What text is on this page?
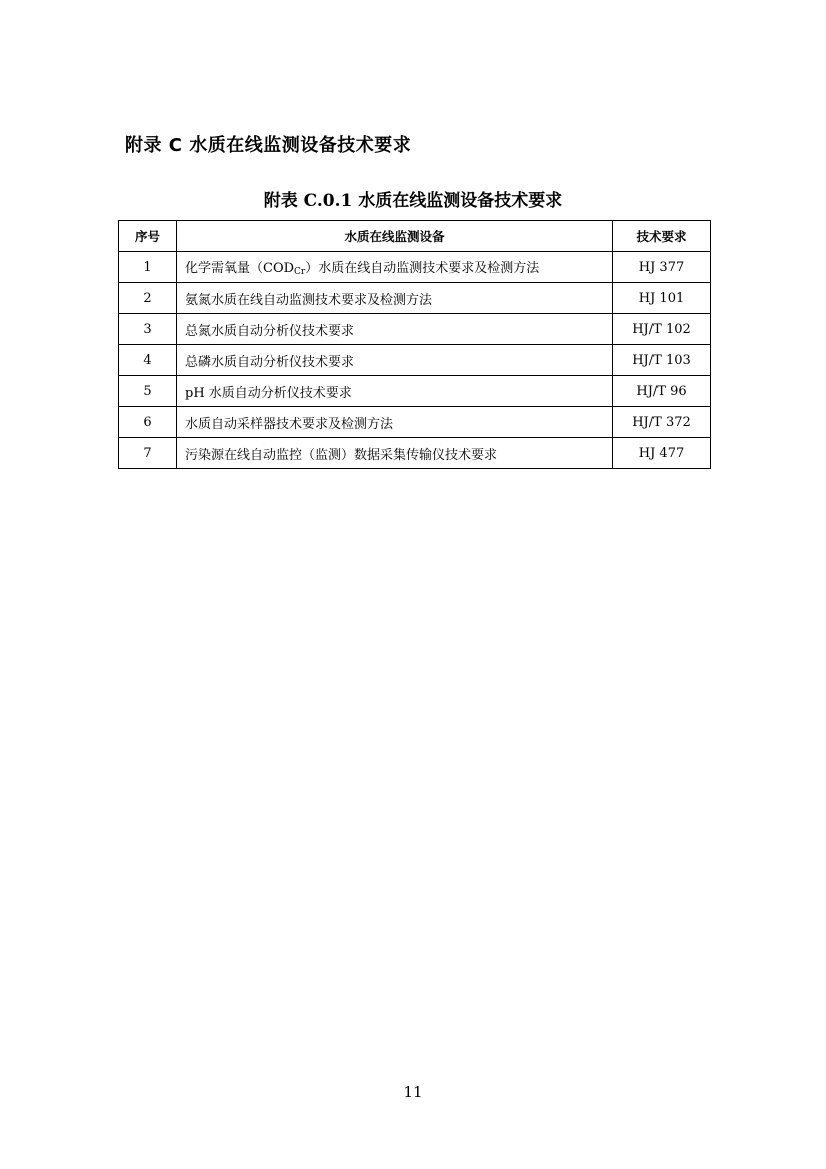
附录 C 水质在线监测设备技术要求
附表 C.0.1 水质在线监测设备技术要求
序号	水质在线监测设备	技术要求
1	化学需氧量$(COD_{Cr})$水质在线自动监测技术要求及检测方法	HJ 377
2	氨氮水质在线自动监测技术要求及检测方法	HJ 101
3	总氮水质自动分析仪技术要求	HJ/T 102
4	总磷水质自动分析仪技术要求	HJ/T 103
5	pH 水质自动分析仪技术要求	HJ/T 96
6	水质自动采样器技术要求及检测方法	HJ/T 372
7	污染源在线自动监控（监测）数据采集传输仪技术要求	HJ 477
11
